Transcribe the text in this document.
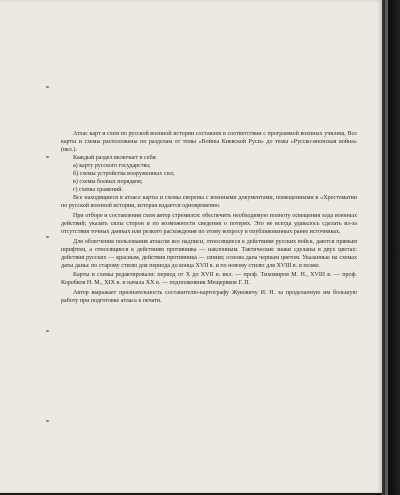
Атлас карт и схем по русской военной истории составлен в соответствии с программой военных училищ. Все карты и схемы расположены по разделам от темы «Войны Киевской Руси» до темы «Русско-японская война» (вкл.).

Каждый раздел включает в себя:

а) карту русского государства;

б) схемы устройства вооруженных сил;

в) схемы боевых порядков;

г) схемы сражений.

Все находящиеся в атласе карты и схемы сверены с военными документами, помещенными в «Хрестоматии по русской военной истории, которая издается одновременно.

При отборе и составлении схем автор стремился: обеспечить необходимую полноту освещения хода военных действий; указать силы сторон и по возможности сведения о потерях. Это не всегда удавалось сделать из-за отсутствия точных данных или резкого расхождения по этому вопросу в опубликованных ранее источниках.

Для облегчения пользования атласом все надписи, относящиеся к действиям русских войск, даются прямым шрифтом, а относящиеся к действиям противника — наклонным. Тактические знаки сделаны в двух цветах: действия русских — красным, действия противника — синим; основа дана черным цветом. Указанные на схемах даты даны: по старому стилю для периода до конца XVII в. и по новому стилю для XVIII в. и позже.

Карты и схемы редактировали: период от X до XVII в. вкл. — проф. Тихомиров М. Н., XVIII в. — проф. Коробков Н. М., XIX в. и начала XX в. — подполковник Мещеряков Г. П.

Автор выражает признательность составителю-картографу Жуковичу И. Н. за проделанную им большую работу при подготовке атласа к печати.
